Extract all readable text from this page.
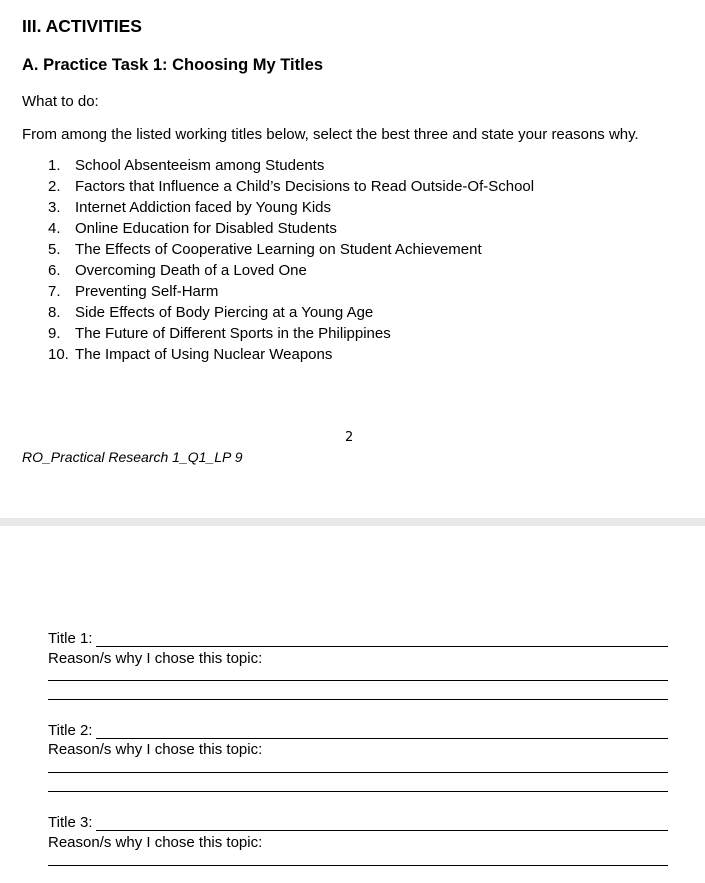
III. ACTIVITIES
A. Practice Task 1: Choosing My Titles
What to do:
From among the listed working titles below, select the best three and state your reasons why.
1. School Absenteeism among Students
2. Factors that Influence a Child’s Decisions to Read Outside-Of-School
3. Internet Addiction faced by Young Kids
4. Online Education for Disabled Students
5. The Effects of Cooperative Learning on Student Achievement
6. Overcoming Death of a Loved One
7. Preventing Self-Harm
8. Side Effects of Body Piercing at a Young Age
9. The Future of Different Sports in the Philippines
10. The Impact of Using Nuclear Weapons
2
RO_Practical Research 1_Q1_LP 9
Title 1:
Reason/s why I chose this topic:
Title 2:
Reason/s why I chose this topic:
Title 3:
Reason/s why I chose this topic:
